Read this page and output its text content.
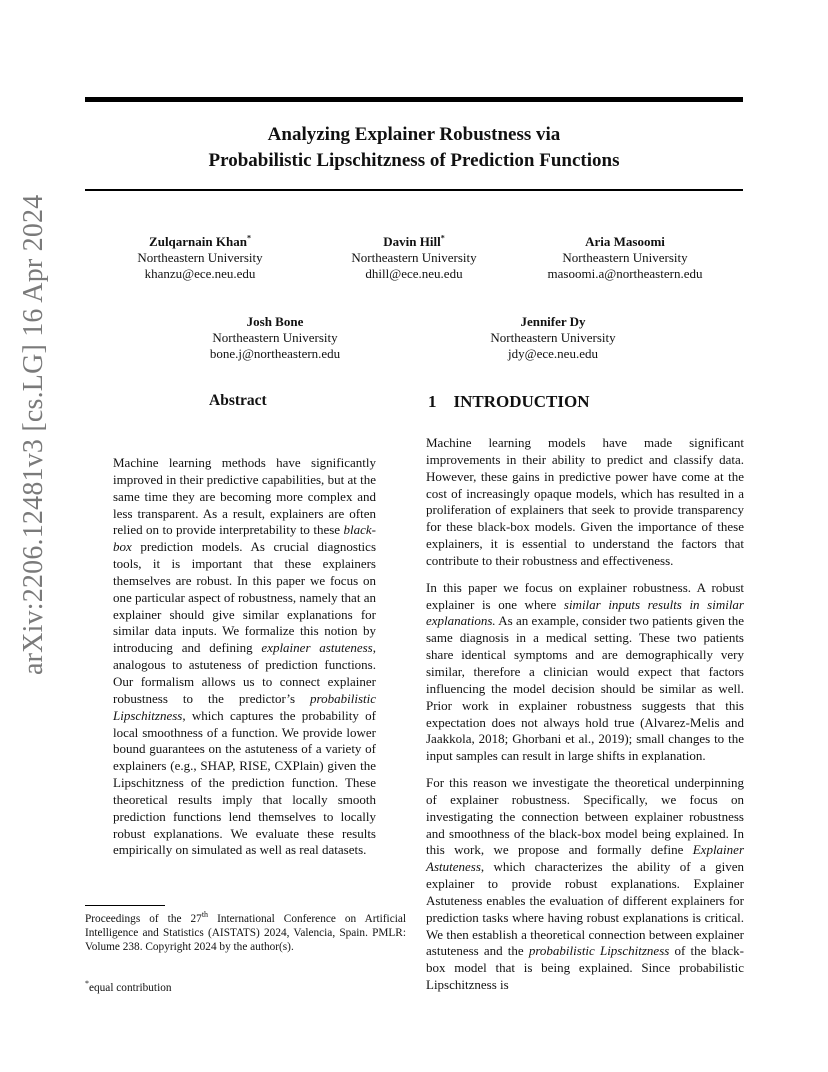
Analyzing Explainer Robustness via
Probabilistic Lipschitzness of Prediction Functions
arXiv:2206.12481v3 [cs.LG] 16 Apr 2024	Zulqarnain Khan*
Northeastern University
khanzu@ece.neu.edu
Davin Hill*
Northeastern University
dhill@ece.neu.edu
Aria Masoomi
Northeastern University
masoomi.a@northeastern.edu
Josh Bone
Northeastern University
bone.j@northeastern.edu
Jennifer Dy
Northeastern University
jdy@ece.neu.edu
Abstract
Machine learning methods have significantly improved in their predictive capabilities, but at the same time they are becoming more complex and less transparent. As a result, explainers are often relied on to provide interpretability to these black-box prediction models. As crucial diagnostics tools, it is important that these explainers themselves are robust. In this paper we focus on one particular aspect of robustness, namely that an explainer should give similar explanations for similar data inputs. We formalize this notion by introducing and defining explainer astuteness, analogous to astuteness of prediction functions. Our formalism allows us to connect explainer robustness to the predictor’s probabilistic Lipschitzness, which captures the probability of local smoothness of a function. We provide lower bound guarantees on the astuteness of a variety of explainers (e.g., SHAP, RISE, CXPlain) given the Lipschitzness of the prediction function. These theoretical results imply that locally smooth prediction functions lend themselves to locally robust explanations. We evaluate these results empirically on simulated as well as real datasets.
1 INTRODUCTION

Machine learning models have made significant improvements in their ability to predict and classify data. However, these gains in predictive power have come at the cost of increasingly opaque models, which has resulted in a proliferation of explainers that seek to provide transparency for these black-box models. Given the importance of these explainers, it is essential to understand the factors that contribute to their robustness and effectiveness.

In this paper we focus on explainer robustness. A robust explainer is one where similar inputs results in similar explanations. As an example, consider two patients given the same diagnosis in a medical setting. These two patients share identical symptoms and are demographically very similar, therefore a clinician would expect that factors influencing the model decision should be similar as well. Prior work in explainer robustness suggests that this expectation does not always hold true (Alvarez-Melis and Jaakkola, 2018; Ghorbani et al., 2019); small changes to the input samples can result in large shifts in explanation.

For this reason we investigate the theoretical underpinning of explainer robustness. Specifically, we focus on investigating the connection between explainer robustness and smoothness of the black-box model being explained. In this work, we propose and formally define Explainer Astuteness, which characterizes the ability of a given explainer to provide robust explanations. Explainer Astuteness enables the evaluation of different explainers for prediction tasks where having robust explanations is critical. We then establish a theoretical connection between explainer astuteness and the probabilistic Lipschitzness of the black-box model that is being explained. Since probabilistic Lipschitzness is

Proceedings of the 27th International Conference on Artificial Intelligence and Statistics (AISTATS) 2024, Valencia, Spain. PMLR: Volume 238. Copyright 2024 by the author(s).
*equal contribution
